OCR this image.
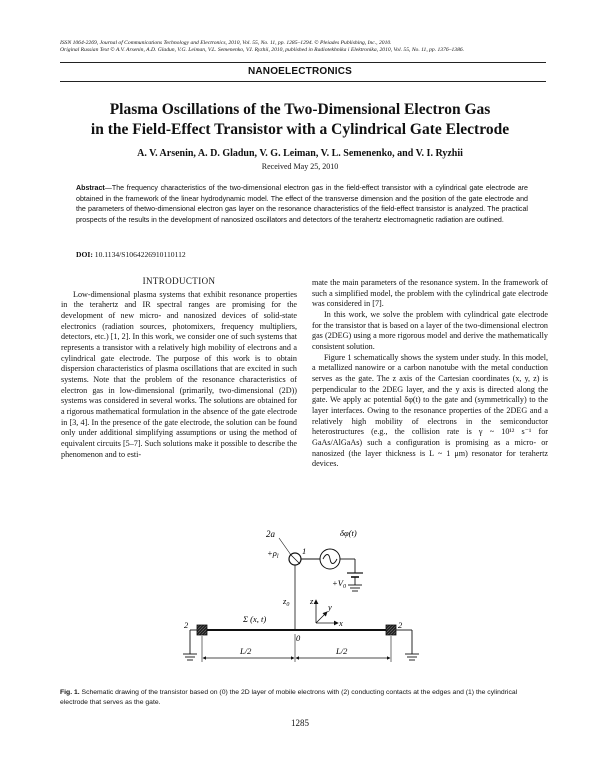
ISSN 1064-2269, Journal of Communications Technology and Electronics, 2010, Vol. 55, No. 11, pp. 1285–1294. © Pleiades Publishing, Inc., 2010.
Original Russian Text © A.V. Arsenin, A.D. Gladun, V.G. Leiman, V.L. Semenenko, V.I. Ryzhii, 2010, published in Radiotekhnika i Elektronika, 2010, Vol. 55, No. 11, pp. 1376–1386.
NANOELECTRONICS
Plasma Oscillations of the Two-Dimensional Electron Gas
in the Field-Effect Transistor with a Cylindrical Gate Electrode
A. V. Arsenin, A. D. Gladun, V. G. Leiman, V. L. Semenenko, and V. I. Ryzhii
Received May 25, 2010
Abstract—The frequency characteristics of the two-dimensional electron gas in the field-effect transistor with a cylindrical gate electrode are obtained in the framework of the linear hydrodynamic model. The effect of the transverse dimension and the position of the gate electrode and the parameters of thetwo-dimensional electron gas layer on the resonance characteristics of the field-effect transistor is analyzed. The practical prospects of the results in the development of nanosized oscillators and detectors of the terahertz electromagnetic radiation are outlined.
DOI: 10.1134/S1064226910110112
INTRODUCTION

Low-dimensional plasma systems that exhibit resonance properties in the terahertz and IR spectral ranges are promising for the development of new micro- and nanosized devices of solid-state electronics (radiation sources, photomixers, frequency multipliers, detectors, etc.) [1, 2]. In this work, we consider one of such systems that represents a transistor with a relatively high mobility of electrons and a cylindrical gate electrode. The purpose of this work is to obtain dispersion characteristics of plasma oscillations that are excited in such systems. Note that the problem of the resonance characteristics of electron gas in low-dimensional (primarily, two-dimensional (2D)) systems was considered in several works. The solutions are obtained for a rigorous mathematical formulation in the absence of the gate electrode in [3, 4]. In the presence of the gate electrode, the solution can be found only under additional simplifying assumptions or using the method of equivalent circuits [5–7]. Such solutions make it possible to describe the phenomenon and to esti-

mate the main parameters of the resonance system. In the framework of such a simplified model, the problem with the cylindrical gate electrode was considered in [7].

In this work, we solve the problem with cylindrical gate electrode for the transistor that is based on a layer of the two-dimensional electron gas (2DEG) using a more rigorous model and derive the mathematically consistent solution.

Figure 1 schematically shows the system under study. In this model, a metallized nanowire or a carbon nanotube with the metal conduction serves as the gate. The z axis of the Cartesian coordinates (x, y, z) is perpendicular to the 2DEG layer, and the y axis is directed along the gate. We apply ac potential δφ(t) to the gate and (symmetrically) to the layer interfaces. Owing to the resonance properties of the 2DEG and a relatively high mobility of electrons in the semiconductor heterostructures (e.g., the collision rate is γ ~ 10¹² s⁻¹ for GaAs/AlGaAs) such a configuration is promising as a micro- or nanosized (the layer thickness is L ~ 1 μm) resonator for terahertz devices.

2a
$+\rho_l$
1
δφ(t)
$+V_0$
$z_0$ z
y
x
Σ (x, t)
0
2	2
L/2	L/2
Fig. 1. Schematic drawing of the transistor based on (0) the 2D layer of mobile electrons with (2) conducting contacts at the edges and (1) the cylindrical electrode that serves as the gate.
1285
